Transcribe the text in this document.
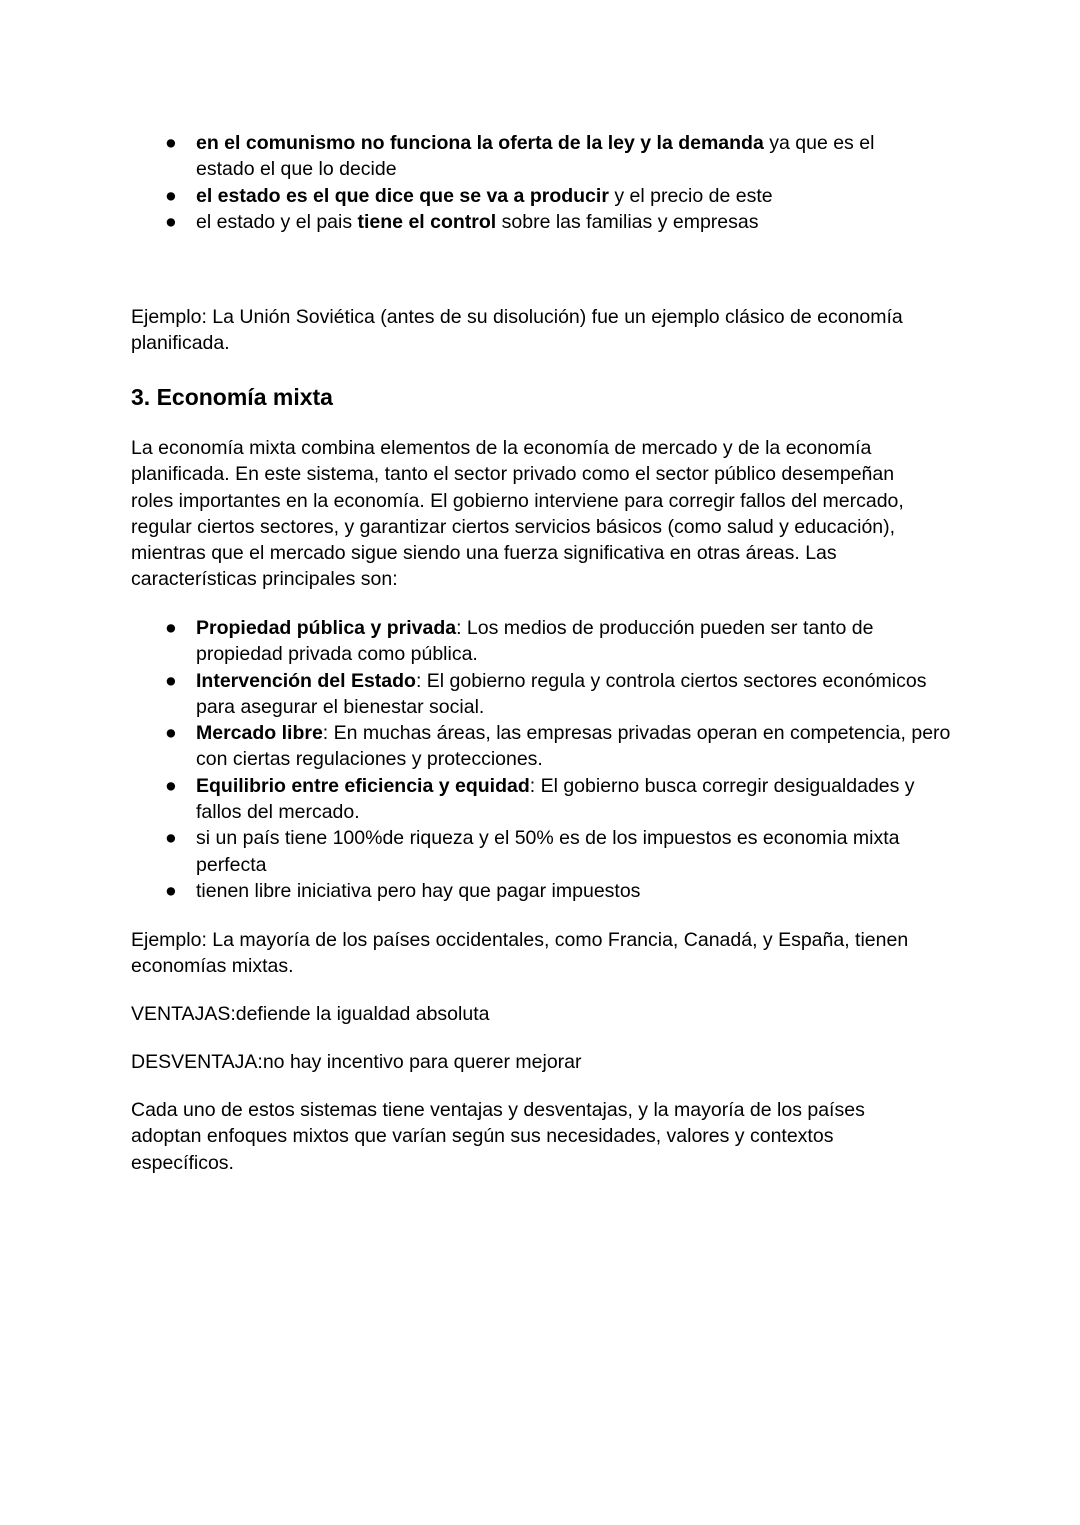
● en el comunismo no funciona la oferta de la ley y la demanda ya que es el estado el que lo decide
● el estado es el que dice que se va a producir y el precio de este
● el estado y el pais tiene el control sobre las familias y empresas

Ejemplo: La Unión Soviética (antes de su disolución) fue un ejemplo clásico de economía planificada.

3. Economía mixta

La economía mixta combina elementos de la economía de mercado y de la economía planificada. En este sistema, tanto el sector privado como el sector público desempeñan roles importantes en la economía. El gobierno interviene para corregir fallos del mercado, regular ciertos sectores, y garantizar ciertos servicios básicos (como salud y educación), mientras que el mercado sigue siendo una fuerza significativa en otras áreas. Las características principales son:

● Propiedad pública y privada: Los medios de producción pueden ser tanto de propiedad privada como pública.
● Intervención del Estado: El gobierno regula y controla ciertos sectores económicos para asegurar el bienestar social.
● Mercado libre: En muchas áreas, las empresas privadas operan en competencia, pero con ciertas regulaciones y protecciones.
● Equilibrio entre eficiencia y equidad: El gobierno busca corregir desigualdades y fallos del mercado.
● si un país tiene 100%de riqueza y el 50% es de los impuestos es economia mixta perfecta
● tienen libre iniciativa pero hay que pagar impuestos

Ejemplo: La mayoría de los países occidentales, como Francia, Canadá, y España, tienen economías mixtas.

VENTAJAS:defiende la igualdad absoluta

DESVENTAJA:no hay incentivo para querer mejorar

Cada uno de estos sistemas tiene ventajas y desventajas, y la mayoría de los países adoptan enfoques mixtos que varían según sus necesidades, valores y contextos específicos.
